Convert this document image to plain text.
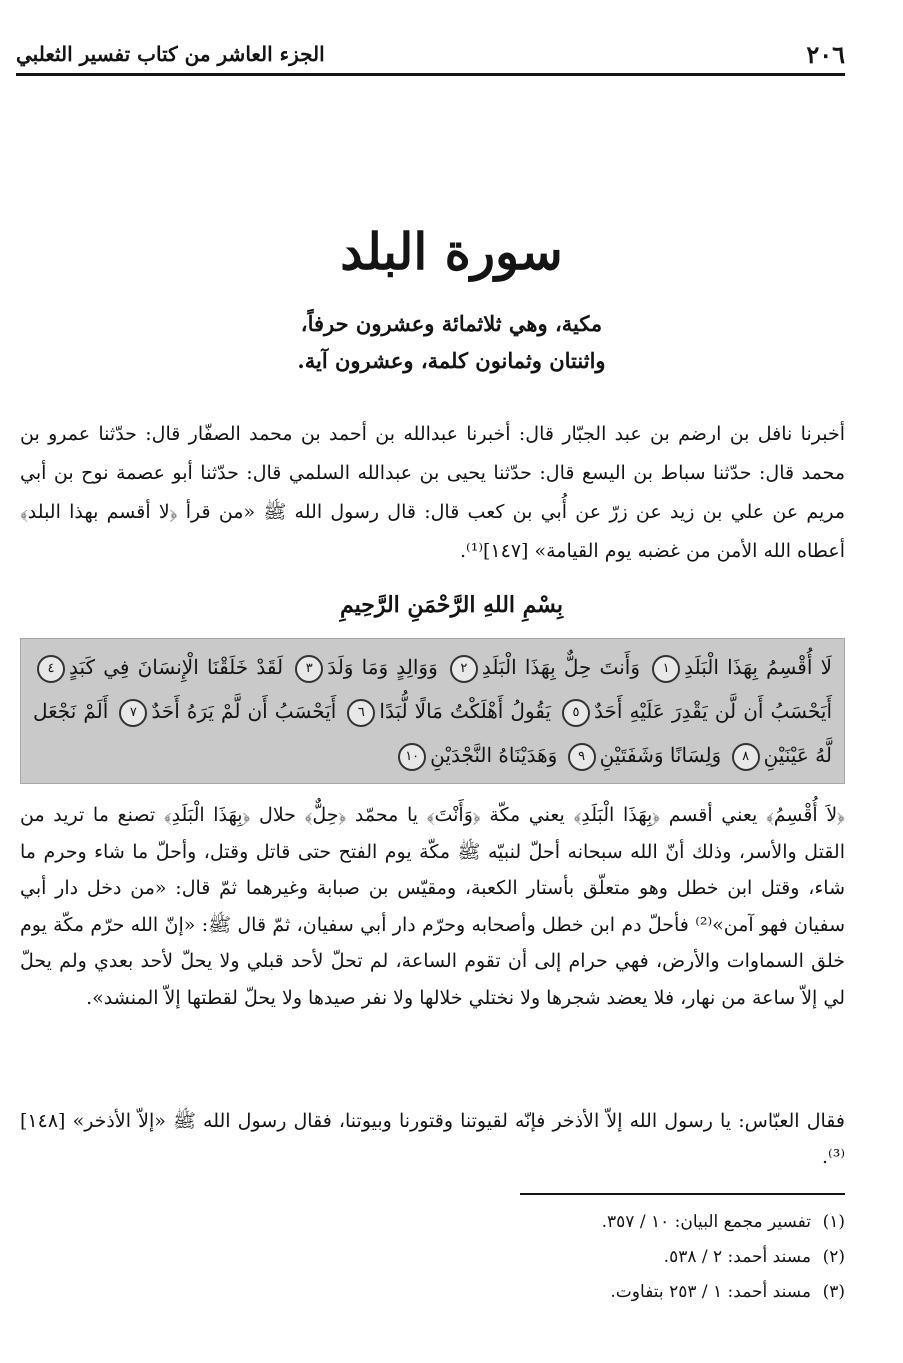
٢٠٦
الجزء العاشر من كتاب تفسير الثعلبي
سورة البلد
مكية، وهي ثلاثمائة وعشرون حرفاً،
واثنتان وثمانون كلمة، وعشرون آية.
أخبرنا نافل بن ارضم بن عبد الجبّار قال: أخبرنا عبدالله بن أحمد بن محمد الصفّار قال: حدّثنا عمرو بن محمد قال: حدّثنا سباط بن اليسع قال: حدّثنا يحيى بن عبدالله السلمي قال: حدّثنا أبو عصمة نوح بن أبي مريم عن علي بن زيد عن زرّ عن أُبي بن كعب قال: قال رسول الله ﷺ «من قرأ ﴿لا أقسم بهذا البلد﴾ أعطاه الله الأمن من غضبه يوم القيامة» [١٤٧]⁽¹⁾.
بِسْمِ اللهِ الرَّحْمَنِ الرَّحِيمِ
لَا أُقْسِمُ بِهَذَا الْبَلَدِ١ وَأَنتَ حِلٌّ بِهَذَا الْبَلَدِ٢ وَوَالِدٍ وَمَا وَلَدَ٣ لَقَدْ خَلَقْنَا الْإِنسَانَ فِي كَبَدٍ٤ أَيَحْسَبُ أَن لَّن يَقْدِرَ عَلَيْهِ أَحَدٌ٥ يَقُولُ أَهْلَكْتُ مَالًا لُّبَدًا٦ أَيَحْسَبُ أَن لَّمْ يَرَهُ أَحَدٌ٧ أَلَمْ نَجْعَل لَّهُ عَيْنَيْنِ٨ وَلِسَانًا وَشَفَتَيْنِ٩ وَهَدَيْنَاهُ النَّجْدَيْنِ١٠
﴿لاَ أُقْسِمُ﴾ يعني أقسم ﴿بِهَذَا الْبَلَدِ﴾ يعني مكّة ﴿وَأَنْتَ﴾ يا محمّد ﴿حِلٌّ﴾ حلال ﴿بِهَذَا الْبَلَدِ﴾ تصنع ما تريد من القتل والأسر، وذلك أنّ الله سبحانه أحلّ لنبيّه ﷺ مكّة يوم الفتح حتى قاتل وقتل، وأحلّ ما شاء وحرم ما شاء، وقتل ابن خطل وهو متعلّق بأستار الكعبة، ومقيّس بن صبابة وغيرهما ثمّ قال: «من دخل دار أبي سفيان فهو آمن»⁽²⁾ فأحلّ دم ابن خطل وأصحابه وحرّم دار أبي سفيان، ثمّ قال ﷺ: «إنّ الله حرّم مكّة يوم خلق السماوات والأرض، فهي حرام إلى أن تقوم الساعة، لم تحلّ لأحد قبلي ولا يحلّ لأحد بعدي ولم يحلّ لي إلاّ ساعة من نهار، فلا يعضد شجرها ولا نختلي خلالها ولا نفر صيدها ولا يحلّ لقطتها إلاّ المنشد».
فقال العبّاس: يا رسول الله إلاّ الأذخر فإنّه لقيوتنا وقتورنا وبيوتنا، فقال رسول الله ﷺ «إلاّ الأذخر» [١٤٨]⁽³⁾.
(١)تفسير مجمع البيان: ١٠ / ٣٥٧.
(٢)مسند أحمد: ٢ / ٥٣٨.
(٣)مسند أحمد: ١ / ٢٥٣ بتفاوت.
